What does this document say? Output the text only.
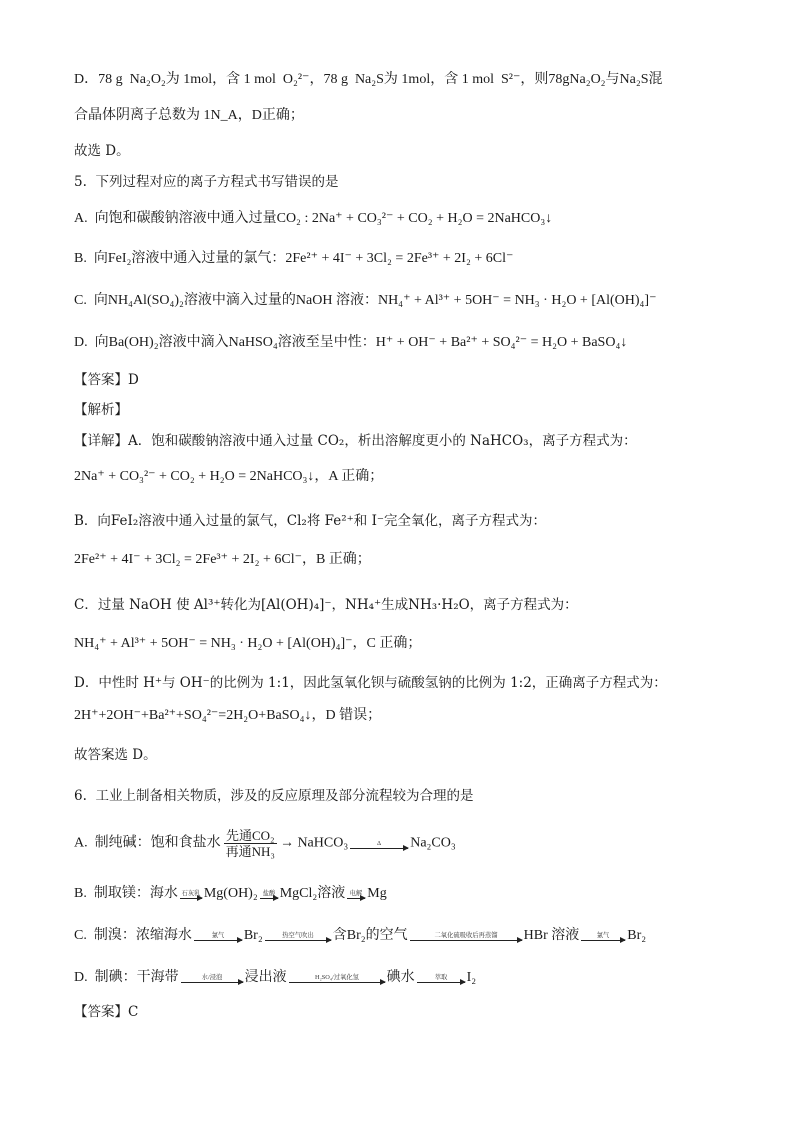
D．78 g  Na₂O₂为 1mol，含 1 mol  O₂²⁻，78 g  Na₂S为 1mol，含 1 mol  S²⁻，则78gNa₂O₂与Na₂S混
合晶体阴离子总数为 1N_A，D正确；
故选 D。
5.  下列过程对应的离子方程式书写错误的是
A.  向饱和碳酸钠溶液中通入过量CO₂ : 2Na⁺ + CO₃²⁻ + CO₂ + H₂O = 2NaHCO₃↓
B.  向FeI₂溶液中通入过量的氯气：2Fe²⁺ + 4I⁻ + 3Cl₂ = 2Fe³⁺ + 2I₂ + 6Cl⁻
C.  向NH₄Al(SO₄)₂溶液中滴入过量的NaOH 溶液：NH₄⁺ + Al³⁺ + 5OH⁻ = NH₃ · H₂O + [Al(OH)₄]⁻
D.  向Ba(OH)₂溶液中滴入NaHSO₄溶液至呈中性：H⁺ + OH⁻ + Ba²⁺ + SO₄²⁻ = H₂O + BaSO₄↓
【答案】D
【解析】
【详解】A．饱和碳酸钠溶液中通入过量 CO₂，析出溶解度更小的 NaHCO₃，离子方程式为：
2Na⁺ + CO₃²⁻ + CO₂ + H₂O = 2NaHCO₃↓，A 正确；
B．向FeI₂溶液中通入过量的氯气，Cl₂将 Fe²⁺和 I⁻完全氧化，离子方程式为：
2Fe²⁺ + 4I⁻ + 3Cl₂ = 2Fe³⁺ + 2I₂ + 6Cl⁻，B 正确；
C．过量 NaOH 使 Al³⁺转化为[Al(OH)₄]⁻，NH₄⁺生成NH₃·H₂O，离子方程式为：
NH₄⁺ + Al³⁺ + 5OH⁻ = NH₃ · H₂O + [Al(OH)₄]⁻，C 正确；
D．中性时 H⁺与 OH⁻的比例为 1:1，因此氢氧化钡与硫酸氢钠的比例为 1:2，正确离子方程式为：
2H⁺+2OH⁻+Ba²⁺+SO₄²⁻=2H₂O+BaSO₄↓，D 错误；
故答案选 D。
6.  工业上制备相关物质，涉及的反应原理及部分流程较为合理的是
A.  制纯碱：饱和食盐水
先通CO₂
再通NH₃
→ NaHCO₃	Δ	Na₂CO₃
B.  制取镁：海水 石灰乳 Mg(OH)₂ 盐酸 MgCl₂溶液 电解 Mg
C.  制溴：浓缩海水	氯气	Br₂	热空气吹出	含Br₂的空气	二氧化硫吸收后再蒸馏	HBr 溶液	氯气	Br₂
D.  制碘：干海带	水/浸泡	浸出液	H₂SO₄/过氧化氢	碘水	萃取	I₂
【答案】C
